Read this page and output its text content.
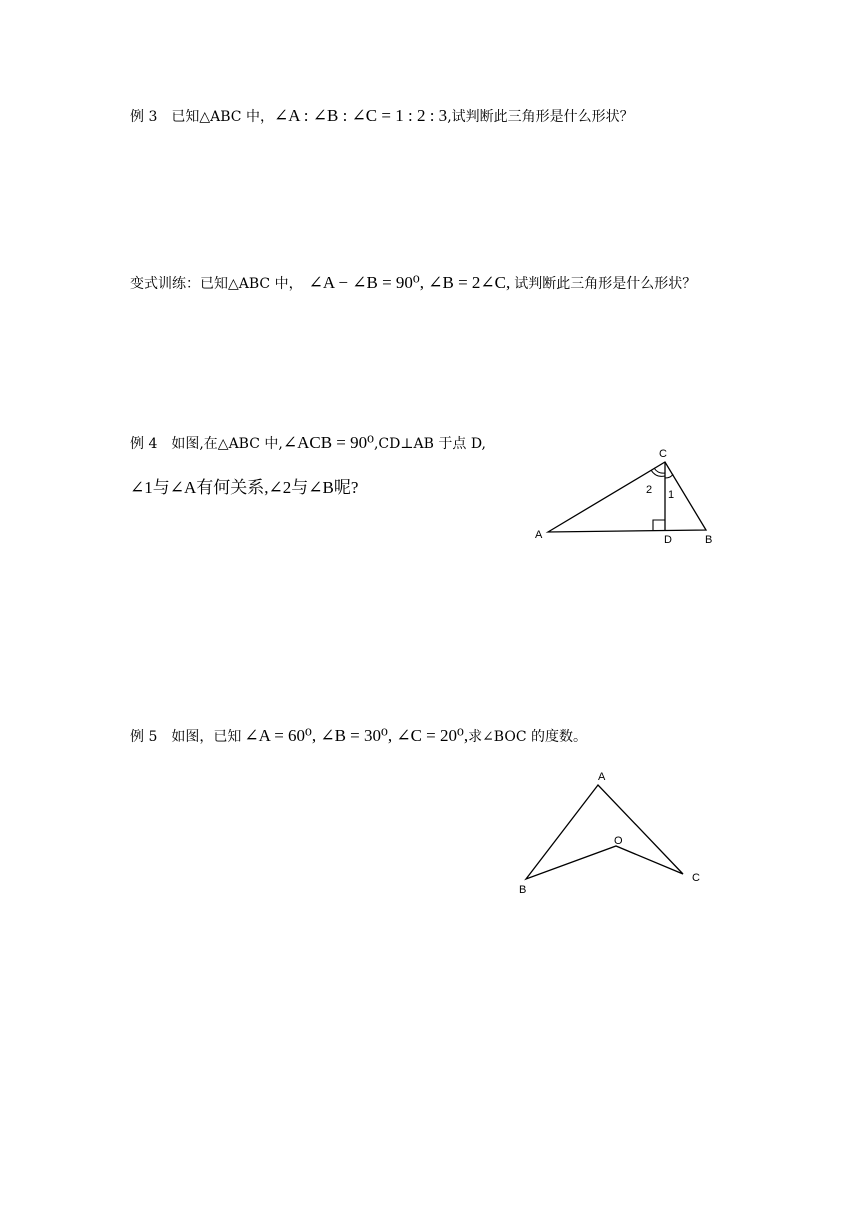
例 3 已知△ABC 中，∠A : ∠B : ∠C = 1 : 2 : 3,试判断此三角形是什么形状？
变式训练：已知△ABC 中， ∠A − ∠B = 90⁰, ∠B = 2∠C, 试判断此三角形是什么形状？
例 4 如图,在△ABC 中,∠ACB = 90⁰,CD⊥AB 于点 D,
∠1与∠A有何关系,∠2与∠B呢?
C
A	D	B
2 1
例 5 如图，已知 ∠A = 60⁰, ∠B = 30⁰, ∠C = 20⁰,求∠BOC 的度数。
A
B
C
O
